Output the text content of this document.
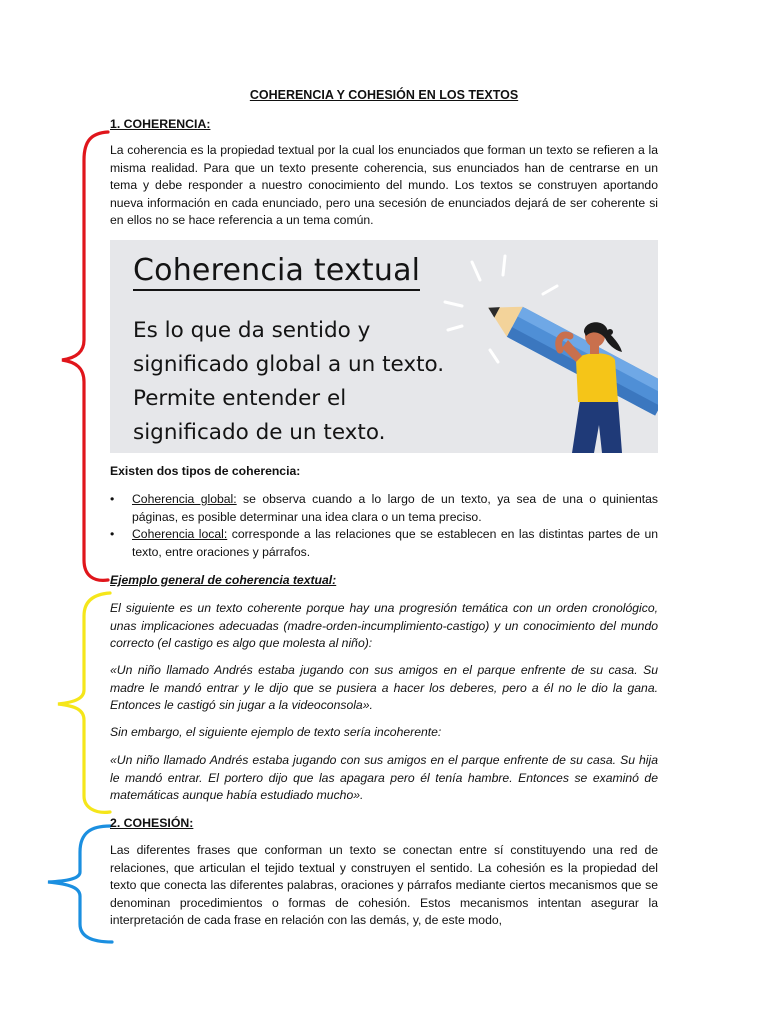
COHERENCIA Y COHESIÓN EN LOS TEXTOS
1. COHERENCIA:

La coherencia es la propiedad textual por la cual los enunciados que forman un texto se refieren a la misma realidad. Para que un texto presente coherencia, sus enunciados han de centrarse en un tema y debe responder a nuestro conocimiento del mundo. Los textos se construyen aportando nueva información en cada enunciado, pero una secesión de enunciados dejará de ser coherente si en ellos no se hace referencia a un tema común.

Coherencia textual
Es lo que da sentido y significado global a un texto. Permite entender el significado de un texto.
Existen dos tipos de coherencia:
• Coherencia global: se observa cuando a lo largo de un texto, ya sea de una o quinientas páginas, es posible determinar una idea clara o un tema preciso.
• Coherencia local: corresponde a las relaciones que se establecen en las distintas partes de un texto, entre oraciones y párrafos.
Ejemplo general de coherencia textual:

El siguiente es un texto coherente porque hay una progresión temática con un orden cronológico, unas implicaciones adecuadas (madre-orden-incumplimiento-castigo) y un conocimiento del mundo correcto (el castigo es algo que molesta al niño):

«Un niño llamado Andrés estaba jugando con sus amigos en el parque enfrente de su casa. Su madre le mandó entrar y le dijo que se pusiera a hacer los deberes, pero a él no le dio la gana. Entonces le castigó sin jugar a la videoconsola».

Sin embargo, el siguiente ejemplo de texto sería incoherente:

«Un niño llamado Andrés estaba jugando con sus amigos en el parque enfrente de su casa. Su hija le mandó entrar. El portero dijo que las apagara pero él tenía hambre. Entonces se examinó de matemáticas aunque había estudiado mucho».

2. COHESIÓN:

Las diferentes frases que conforman un texto se conectan entre sí constituyendo una red de relaciones, que articulan el tejido textual y construyen el sentido. La cohesión es la propiedad del texto que conecta las diferentes palabras, oraciones y párrafos mediante ciertos mecanismos que se denominan procedimientos o formas de cohesión. Estos mecanismos intentan asegurar la interpretación de cada frase en relación con las demás, y, de este modo,
